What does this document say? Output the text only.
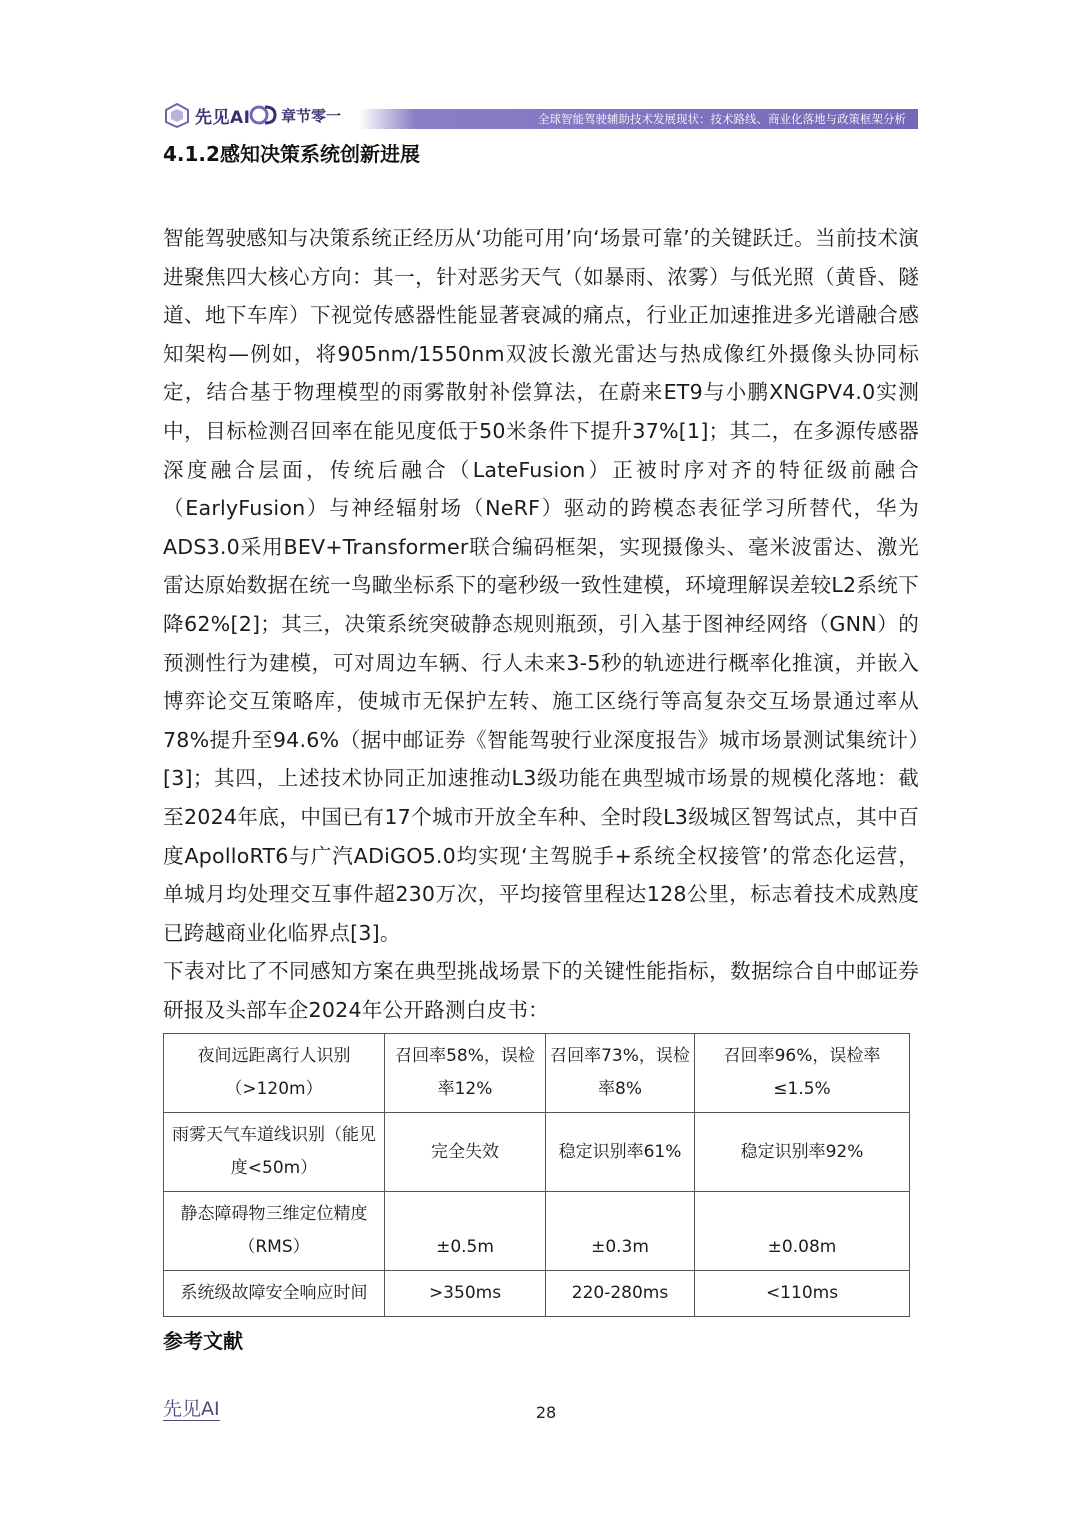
先见AI 章节零一	全球智能驾驶辅助技术发展现状：技术路线、商业化落地与政策框架分析
4.1.2感知决策系统创新进展

智能驾驶感知与决策系统正经历从‘功能可用’向‘场景可靠’的关键跃迁。当前技术演进聚焦四大核心方向：其一，针对恶劣天气（如暴雨、浓雾）与低光照（黄昏、隧道、地下车库）下视觉传感器性能显著衰减的痛点，行业正加速推进多光谱融合感知架构—例如，将905nm/1550nm双波长激光雷达与热成像红外摄像头协同标定，结合基于物理模型的雨雾散射补偿算法，在蔚来ET9与小鹏XNGPV4.0实测中，目标检测召回率在能见度低于50米条件下提升37%[1]；其二，在多源传感器深度融合层面，传统后融合（LateFusion）正被时序对齐的特征级前融合（EarlyFusion）与神经辐射场（NeRF）驱动的跨模态表征学习所替代，华为ADS3.0采用BEV+Transformer联合编码框架，实现摄像头、毫米波雷达、激光雷达原始数据在统一鸟瞰坐标系下的毫秒级一致性建模，环境理解误差较L2系统下降62%[2]；其三，决策系统突破静态规则瓶颈，引入基于图神经网络（GNN）的预测性行为建模，可对周边车辆、行人未来3-5秒的轨迹进行概率化推演，并嵌入博弈论交互策略库，使城市无保护左转、施工区绕行等高复杂交互场景通过率从78%提升至94.6%（据中邮证券《智能驾驶行业深度报告》城市场景测试集统计）[3]；其四，上述技术协同正加速推动L3级功能在典型城市场景的规模化落地：截至2024年底，中国已有17个城市开放全车种、全时段L3级城区智驾试点，其中百度ApolloRT6与广汽ADiGO5.0均实现‘主驾脱手+系统全权接管’的常态化运营，单城月均处理交互事件超230万次，平均接管里程达128公里，标志着技术成熟度已跨越商业化临界点[3]。

下表对比了不同感知方案在典型挑战场景下的关键性能指标，数据综合自中邮证券研报及头部车企2024年公开路测白皮书：

夜间远距离行人识别（>120m）	召回率58%，误检率12%	召回率73%，误检率8%	召回率96%，误检率≤1.5%
雨雾天气车道线识别（能见度<50m）	完全失效	稳定识别率61%	稳定识别率92%
静态障碍物三维定位精度（RMS）	±0.5m	±0.3m	±0.08m
系统级故障安全响应时间	>350ms	220-280ms	<110ms
参考文献
先见AI	28
